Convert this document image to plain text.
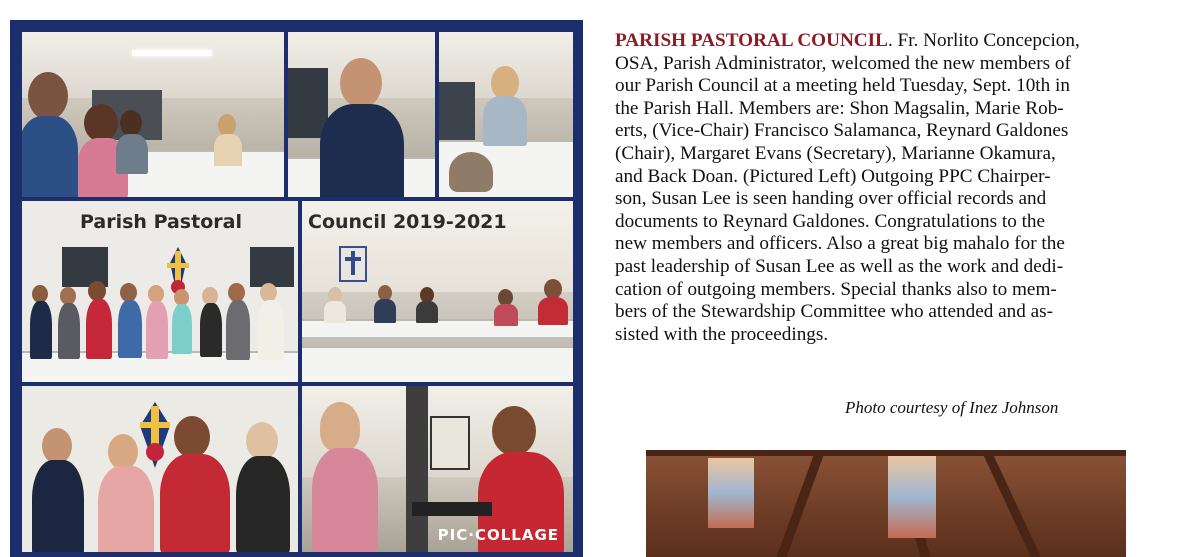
Parish Pastoral	Council 2019-2021
PIC·COLLAGE

PARISH PASTORAL COUNCIL. Fr. Norlito Concepcion,
OSA, Parish Administrator, welcomed the new members of
our Parish Council at a meeting held Tuesday, Sept. 10th in
the Parish Hall. Members are: Shon Magsalin, Marie Rob-
erts, (Vice-Chair) Francisco Salamanca, Reynard Galdones
(Chair), Margaret Evans (Secretary), Marianne Okamura,
and Back Doan. (Pictured Left) Outgoing PPC Chairper-
son, Susan Lee is seen handing over official records and
documents to Reynard Galdones. Congratulations to the
new members and officers. Also a great big mahalo for the
past leadership of Susan Lee as well as the work and dedi-
cation of outgoing members. Special thanks also to mem-
bers of the Stewardship Committee who attended and as-
sisted with the proceedings.

Photo courtesy of Inez Johnson
